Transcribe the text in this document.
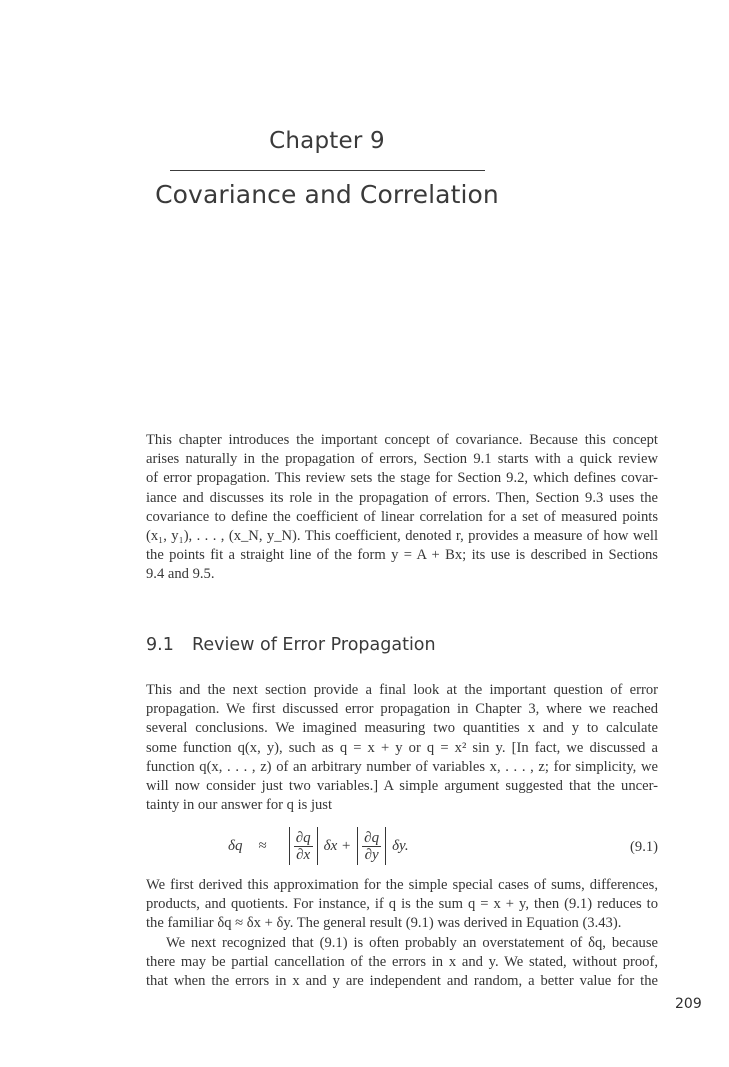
Chapter 9
Covariance and Correlation
This chapter introduces the important concept of covariance. Because this concept
arises naturally in the propagation of errors, Section 9.1 starts with a quick review
of error propagation. This review sets the stage for Section 9.2, which defines covar-
iance and discusses its role in the propagation of errors. Then, Section 9.3 uses the
covariance to define the coefficient of linear correlation for a set of measured points
(x₁, y₁), . . . , (x_N, y_N). This coefficient, denoted r, provides a measure of how well
the points fit a straight line of the form y = A + Bx; its use is described in Sections
9.4 and 9.5.
9.1 Review of Error Propagation
This and the next section provide a final look at the important question of error
propagation. We first discussed error propagation in Chapter 3, where we reached
several conclusions. We imagined measuring two quantities x and y to calculate
some function q(x, y), such as q = x + y or q = x² sin y. [In fact, we discussed a
function q(x, . . . , z) of an arbitrary number of variables x, . . . , z; for simplicity, we
will now consider just two variables.] A simple argument suggested that the uncer-
tainty in our answer for q is just
$\delta q \approx \frac{\partial q}{\partial x}$ $\delta x + \frac{\partial q}{\partial y} \delta y$.	(9.1)
We first derived this approximation for the simple special cases of sums, differences,
products, and quotients. For instance, if q is the sum q = x + y, then (9.1) reduces to
the familiar δq ≈ δx + δy. The general result (9.1) was derived in Equation (3.43).
We next recognized that (9.1) is often probably an overstatement of δq, because
there may be partial cancellation of the errors in x and y. We stated, without proof,
that when the errors in x and y are independent and random, a better value for the
209
